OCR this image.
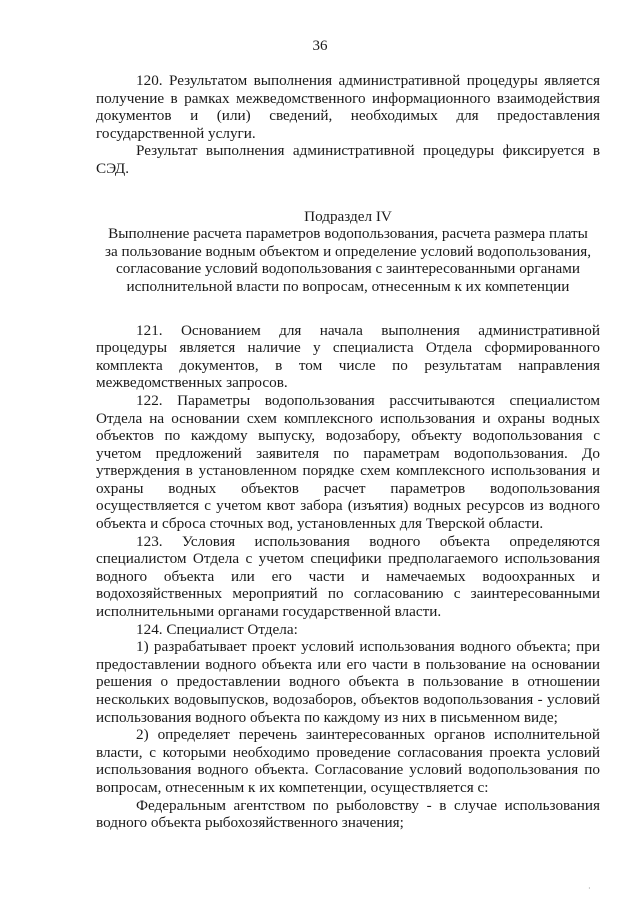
36

120. Результатом выполнения административной процедуры является получение в рамках межведомственного информационного взаимодействия документов и (или) сведений, необходимых для предоставления государственной услуги.

Результат выполнения административной процедуры фиксируется в СЭД.

Подраздел IV

Выполнение расчета параметров водопользования, расчета размера платы

за пользование водным объектом и определение условий водопользования,

согласование условий водопользования с заинтересованными органами

исполнительной власти по вопросам, отнесенным к их компетенции

121. Основанием для начала выполнения административной процедуры является наличие у специалиста Отдела сформированного комплекта документов, в том числе по результатам направления межведомственных запросов.

122. Параметры водопользования рассчитываются специалистом Отдела на основании схем комплексного использования и охраны водных объектов по каждому выпуску, водозабору, объекту водопользования с учетом предложений заявителя по параметрам водопользования. До утверждения в установленном порядке схем комплексного использования и охраны водных объектов расчет параметров водопользования осуществляется с учетом квот забора (изъятия) водных ресурсов из водного объекта и сброса сточных вод, установленных для Тверской области.

123. Условия использования водного объекта определяются специалистом Отдела с учетом специфики предполагаемого использования водного объекта или его части и намечаемых водоохранных и водохозяйственных мероприятий по согласованию с заинтересованными исполнительными органами государственной власти.

124. Специалист Отдела:

1) разрабатывает проект условий использования водного объекта; при предоставлении водного объекта или его части в пользование на основании решения о предоставлении водного объекта в пользование в отношении нескольких водовыпусков, водозаборов, объектов водопользования - условий использования водного объекта по каждому из них в письменном виде;

2) определяет перечень заинтересованных органов исполнительной власти, с которыми необходимо проведение согласования проекта условий использования водного объекта. Согласование условий водопользования по вопросам, отнесенным к их компетенции, осуществляется с:

Федеральным агентством по рыболовству - в случае использования водного объекта рыбохозяйственного значения;

·
